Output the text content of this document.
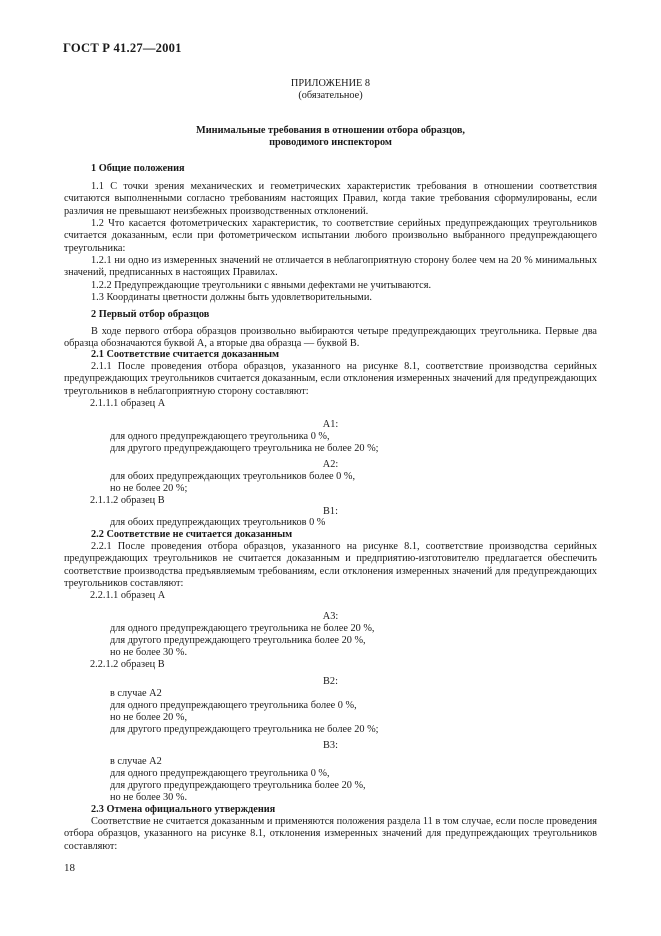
ГОСТ Р 41.27—2001
ПРИЛОЖЕНИЕ 8
(обязательное)
Минимальные требования в отношении отбора образцов,
проводимого инспектором
1 Общие положения
1.1 С точки зрения механических и геометрических характеристик требования в отношении соответствия считаются выполненными согласно требованиям настоящих Правил, когда такие требования сформулированы, если различия не превышают неизбежных производственных отклонений.
1.2 Что касается фотометрических характеристик, то соответствие серийных предупреждающих треугольников считается доказанным, если при фотометрическом испытании любого произвольно выбранного предупреждающего треугольника:
1.2.1 ни одно из измеренных значений не отличается в неблагоприятную сторону более чем на 20 % минимальных значений, предписанных в настоящих Правилах.
1.2.2 Предупреждающие треугольники с явными дефектами не учитываются.
1.3 Координаты цветности должны быть удовлетворительными.
2 Первый отбор образцов
В ходе первого отбора образцов произвольно выбираются четыре предупреждающих треугольника. Первые два образца обозначаются буквой А, а вторые два образца — буквой В.
2.1 Соответствие считается доказанным
2.1.1 После проведения отбора образцов, указанного на рисунке 8.1, соответствие производства серийных предупреждающих треугольников считается доказанным, если отклонения измеренных значений для предупреждающих треугольников в неблагоприятную сторону составляют:
2.1.1.1 образец А
А1:
для одного предупреждающего треугольника 0 %,
для другого предупреждающего треугольника не более 20 %;
А2:
для обоих предупреждающих треугольников более 0 %,
но не более 20 %;
2.1.1.2 образец В
В1:
для обоих предупреждающих треугольников 0 %
2.2 Соответствие не считается доказанным
2.2.1 После проведения отбора образцов, указанного на рисунке 8.1, соответствие производства серийных предупреждающих треугольников не считается доказанным и предприятию-изготовителю предлагается обеспечить соответствие производства предъявляемым требованиям, если отклонения измеренных значений для предупреждающих треугольников составляют:
2.2.1.1 образец А
А3:
для одного предупреждающего треугольника не более 20 %,
для другого предупреждающего треугольника более 20 %,
но не более 30 %.
2.2.1.2 образец В
В2:
в случае А2
для одного предупреждающего треугольника более 0 %,
но не более 20 %,
для другого предупреждающего треугольника не более 20 %;
В3:
в случае А2
для одного предупреждающего треугольника 0 %,
для другого предупреждающего треугольника более 20 %,
но не более 30 %.
2.3 Отмена официального утверждения
Соответствие не считается доказанным и применяются положения раздела 11 в том случае, если после проведения отбора образцов, указанного на рисунке 8.1, отклонения измеренных значений для предупреждающих треугольников составляют:
18
